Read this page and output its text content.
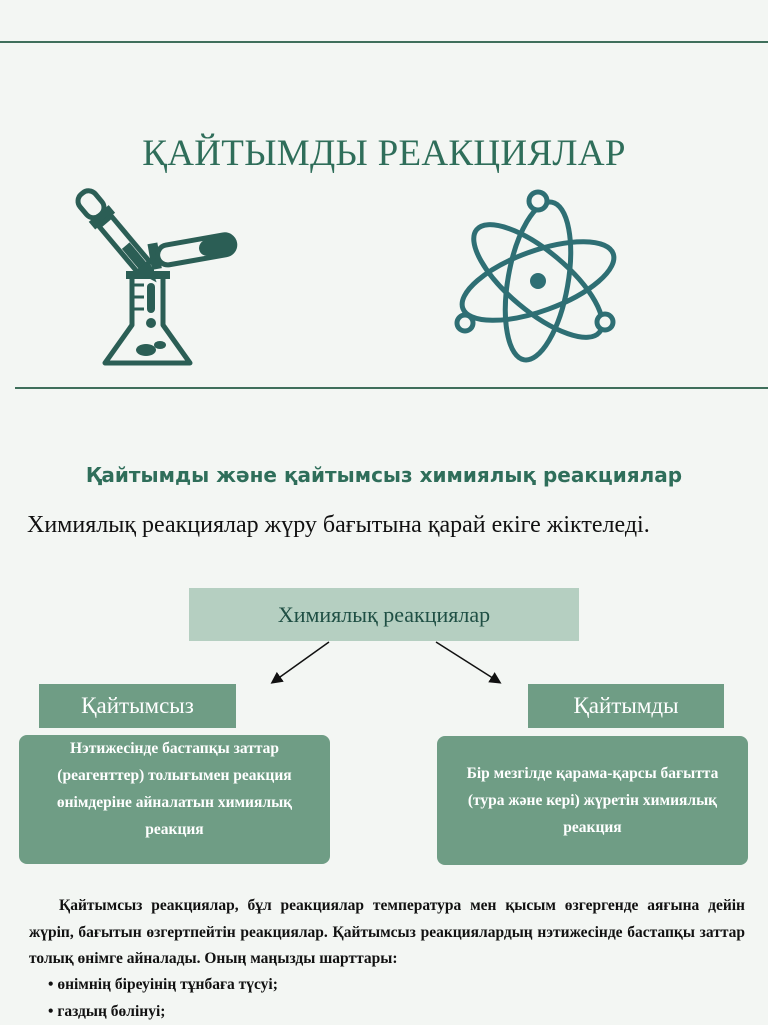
ҚАЙТЫМДЫ РЕАКЦИЯЛАР
Қайтымды және қайтымсыз химиялық реакциялар
Химиялық реакциялар жүру бағытына қарай екіге жіктеледі.
Химиялық реакциялар
Қайтымсыз	Қайтымды
Нэтижесінде бастапқы заттар
(реагенттер) толығымен реакция
өнімдеріне айналатын химиялық
реакция
Бір мезгілде қарама-қарсы бағытта
(тура және кері) жүретін химиялық
реакция
Қайтымсыз реакциялар, бұл реакциялар температура мен қысым өзгергенде аяғына дейін жүріп, бағытын өзгертпейтін реакциялар. Қайтымсыз реакциялардың нэтижесінде бастапқы заттар толық өнімге айналады. Оның маңызды шарттары:
• өнімнің біреуінің тұнбаға түсуі;
• газдың бөлінуі;
